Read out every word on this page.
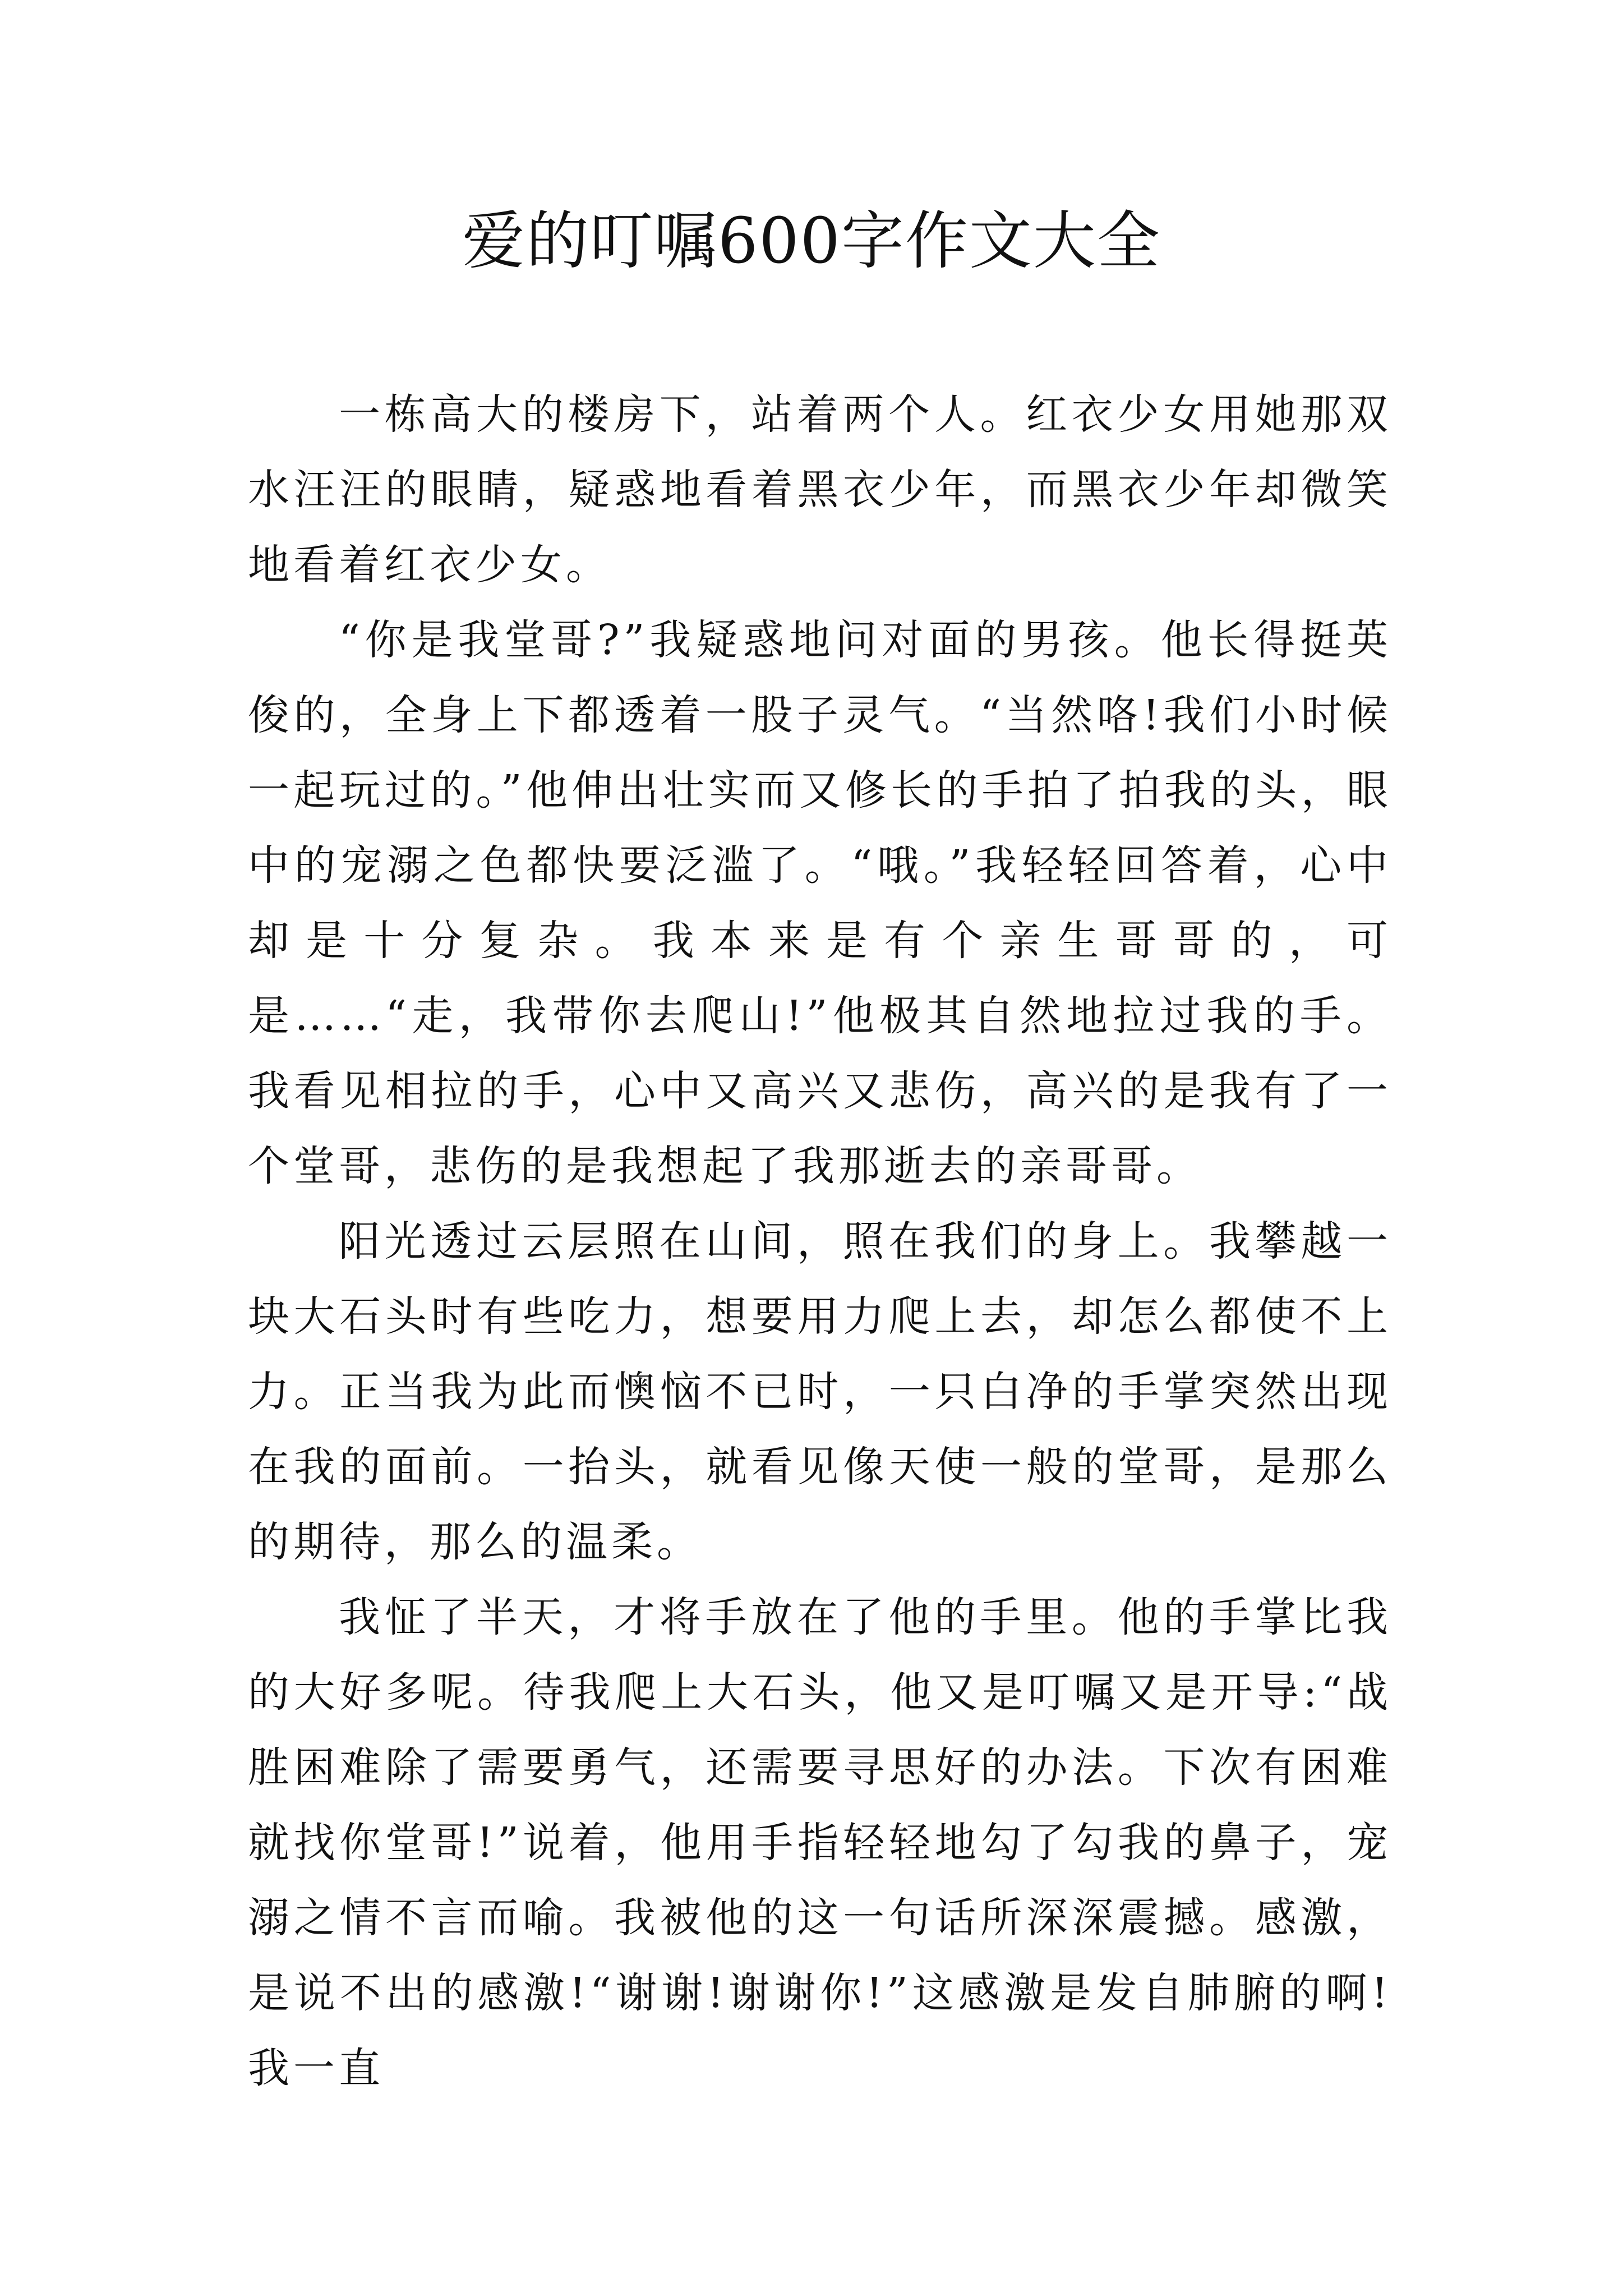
爱的叮嘱600字作文大全

一栋高大的楼房下，站着两个人。红衣少女用她那双水汪汪的眼睛，疑惑地看着黑衣少年，而黑衣少年却微笑地看着红衣少女。

“你是我堂哥?”我疑惑地问对面的男孩。他长得挺英俊的，全身上下都透着一股子灵气。“当然咯!我们小时候一起玩过的。”他伸出壮实而又修长的手拍了拍我的头，眼中的宠溺之色都快要泛滥了。“哦。”我轻轻回答着，心中却是十分复杂。我本来是有个亲生哥哥的，可是……“走，我带你去爬山!”他极其自然地拉过我的手。我看见相拉的手，心中又高兴又悲伤，高兴的是我有了一个堂哥，悲伤的是我想起了我那逝去的亲哥哥。

阳光透过云层照在山间，照在我们的身上。我攀越一块大石头时有些吃力，想要用力爬上去，却怎么都使不上力。正当我为此而懊恼不已时，一只白净的手掌突然出现在我的面前。一抬头，就看见像天使一般的堂哥，是那么的期待，那么的温柔。

我怔了半天，才将手放在了他的手里。他的手掌比我的大好多呢。待我爬上大石头，他又是叮嘱又是开导:“战胜困难除了需要勇气，还需要寻思好的办法。下次有困难就找你堂哥!”说着，他用手指轻轻地勾了勾我的鼻子，宠溺之情不言而喻。我被他的这一句话所深深震撼。感激，是说不出的感激!“谢谢!谢谢你!”这感激是发自肺腑的啊!我一直
